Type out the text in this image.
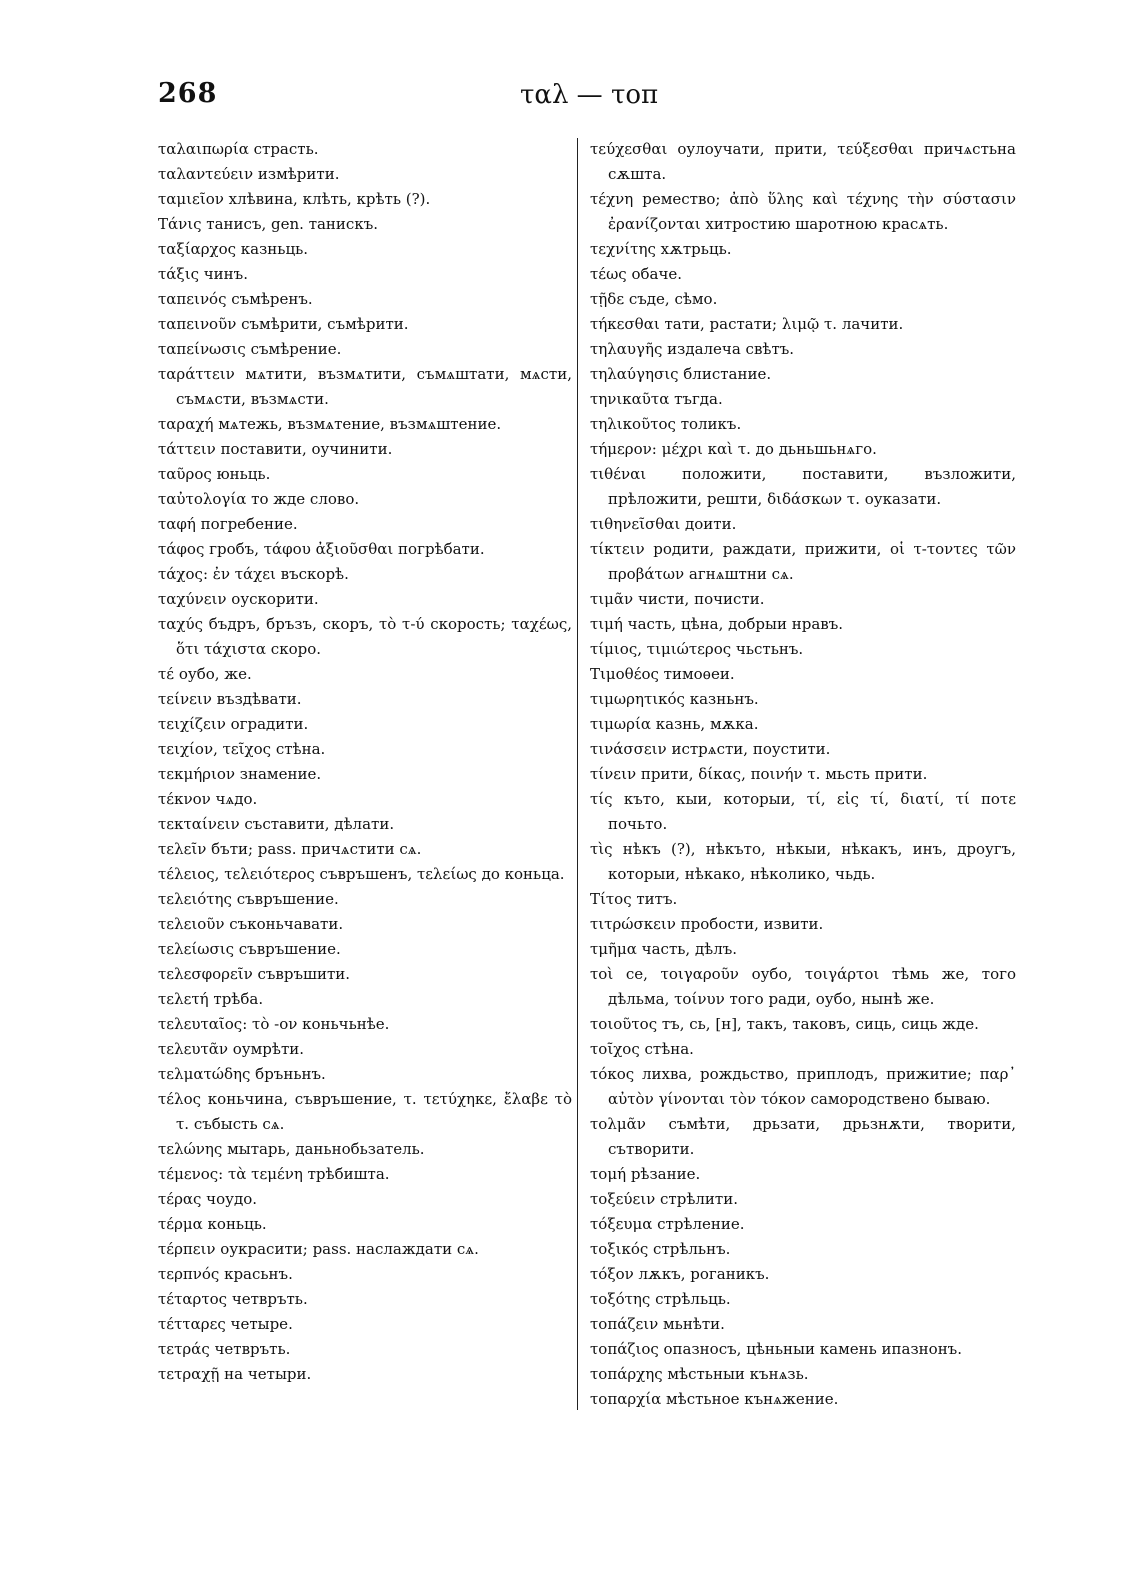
268	ταλ — τοπ

ταλαιπωρία страсть.

ταλαντεύειν измѣрити.

ταμιεῖον хлѣвина, клѣть, крѣть (?).

Τάνις танисъ, gen. танискъ.

ταξίαρχος казньць.

τάξις чинъ.

ταπεινός съмѣренъ.

ταπεινοῦν съмѣрити, съмѣрити.

ταπείνωσις съмѣрение.

ταράττειν мѧтити, възмѧтити, съмѧштати, мѧсти, съмѧсти, възмѧсти.

ταραχή мѧтежь, възмѧтение, възмѧштение.

τάττειν поставити, оучинити.

ταῦρος юньць.

ταὐτολογία то жде слово.

ταφή погребение.

τάφος гробъ, τάφου ἀξιοῦσθαι погрѣбати.

τάχος: ἐν τάχει въскорѣ.

ταχύνειν оускорити.

ταχύς бъдръ, бръзъ, скоръ, τὸ τ-ύ скорость; ταχέως, ὅτι τάχιστα скоро.

τέ оубо, же.

τείνειν въздѣвати.

τειχίζειν оградити.

τειχίον, τεῖχος стѣна.

τεκμήριον знамение.

τέκνον чѧдо.

τεκταίνειν съставити, дѣлати.

τελεῖν бъти; pass. причѧстити сѧ.

τέλειος, τελειότερος съвръшенъ, τελείως до коньца.

τελειότης съвръшение.

τελειοῦν съконьчавати.

τελείωσις съвръшение.

τελεσφορεῖν съвръшити.

τελετή трѣба.

τελευταῖος: τὸ -ον коньчьнѣе.

τελευτᾶν оумрѣти.

τελματώδης бръньнъ.

τέλος коньчина, съвръшение, τ. τετύχηκε, ἔλαβε τὸ τ. събысть сѧ.

τελώνης мытарь, даньнобьзатель.

τέμενος: τὰ τεμένη трѣбишта.

τέρας чоудо.

τέρμα коньць.

τέρπειν оукрасити; pass. наслаждати сѧ.

τερπνός красьнъ.

τέταρτος четвръть.

τέτταρες четыре.

τετράς четвръть.

τετραχῇ на четыри.

τεύχεσθαι оулоучати, прити, τεύξεσθαι причѧстьна сѫшта.

τέχνη ремество; ἀπὸ ὕλης καὶ τέχνης τὴν σύστασιν ἐρανίζονται хитростию шаротною красѧть.

τεχνίτης хѫтрьць.

τέως обаче.

τῇδε съде, сѣмо.

τήκεσθαι тати, растати; λιμῷ τ. лачити.

τηλαυγῆς издалеча свѣтъ.

τηλαύγησις блистание.

τηνικαῦτα тъгда.

τηλικοῦτος толикъ.

τήμερον: μέχρι καὶ τ. до дьньшьнѧго.

τιθέναι положити, поставити, възложити, прѣложити, решти, διδάσκων τ. оуказати.

τιθηνεῖσθαι доити.

τίκτειν родити, раждати, прижити, οἱ τ-τοντες τῶν προβάτων агнѧштни сѧ.

τιμᾶν чисти, почисти.

τιμή часть, цѣна, добрыи нравъ.

τίμιος, τιμιώτερος чьстьнъ.

Τιμοθέος тимоѳеи.

τιμωρητικός казньнъ.

τιμωρία казнь, мѫка.

τινάσσειν истрѧсти, поустити.

τίνειν прити, δίκας, ποινήν τ. мьсть прити.

τίς къто, кыи, которыи, τί, εἰς τί, διατί, τί ποτε почьто.

τὶς нѣкъ (?), нѣкъто, нѣкыи, нѣкакъ, инъ, дроугъ, которыи, нѣкако, нѣколико, чьдь.

Τίτος титъ.

τιτρώσκειν пробости, извити.

τμῆμα часть, дѣлъ.

τοὶ се, τοιγαροῦν оубо, τοιγάρτοι тѣмь же, того дѣльма, τοίνυν того ради, оубо, нынѣ же.

τοιοῦτος тъ, сь, [н], такъ, таковъ, сиць, сиць жде.

τοῖχος стѣна.

τόκος лихва, рождьство, приплодъ, прижитие; παρ᾽ αὐτὸν γίνονται τὸν τόκον самородствено бываю.

τολμᾶν съмѣти, дрьзати, дрьзнѫти, творити, сътворити.

τομή рѣзание.

τοξεύειν стрѣлити.

τόξευμα стрѣление.

τοξικός стрѣльнъ.

τόξον лѫкъ, роганикъ.

τοξότης стрѣльць.

τοπάζειν мьнѣти.

τοπάζιος опазносъ, цѣньныи камень ипазнонъ.

τοπάρχης мѣстьныи кънѧзь.

τοπαρχία мѣстьное кънѧжение.
